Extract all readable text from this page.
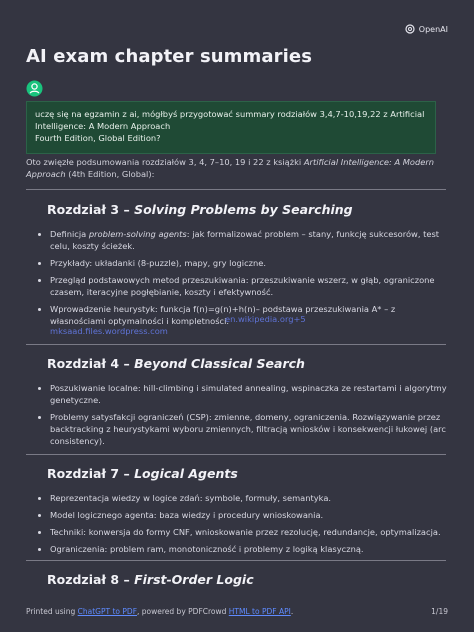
OpenAI
AI exam chapter summaries
uczę się na egzamin z ai, mógłbyś przygotować summary rodziałów 3,4,7-10,19,22 z Artificial Intelligence: A Modern Approach
Fourth Edition, Global Edition?
Oto zwięzłe podsumowania rozdziałów 3, 4, 7–10, 19 i 22 z książki Artificial Intelligence: A Modern Approach (4th Edition, Global):
Rozdział 3 – Solving Problems by Searching
• Definicja problem-solving agents: jak formalizować problem – stany, funkcję sukcesorów, test celu, koszty ścieżek.
• Przykłady: układanki (8-puzzle), mapy, gry logiczne.
• Przegląd podstawowych metod przeszukiwania: przeszukiwanie wszerz, w głąb, ograniczone czasem, iteracyjne pogłębianie, koszty i efektywność.
• Wprowadzenie heurystyk: funkcja f(n)=g(n)+h(n)– podstawa przeszukiwania A* – z własnościami optymalności i kompletności.
en.wikipedia.org+5
mksaad.files.wordpress.com
Rozdział 4 – Beyond Classical Search
• Poszukiwanie locaIne: hill-climbing i simulated annealing, wspinaczka ze restartami i algorytmy genetyczne.
• Problemy satysfakcji ograniczeń (CSP): zmienne, domeny, ograniczenia. Rozwiązywanie przez backtracking z heurystykami wyboru zmiennych, filtracją wniosków i konsekwencji łukowej (arc consistency).
Rozdział 7 – Logical Agents
• Reprezentacja wiedzy w logice zdań: symbole, formuły, semantyka.
• Model logicznego agenta: baza wiedzy i procedury wnioskowania.
• Techniki: konwersja do formy CNF, wnioskowanie przez rezolucję, redundancje, optymalizacja.
• Ograniczenia: problem ram, monotoniczność i problemy z logiką klasyczną.
Rozdział 8 – First-Order Logic
Printed using ChatGPT to PDF, powered by PDFCrowd HTML to PDF API.	1/19
